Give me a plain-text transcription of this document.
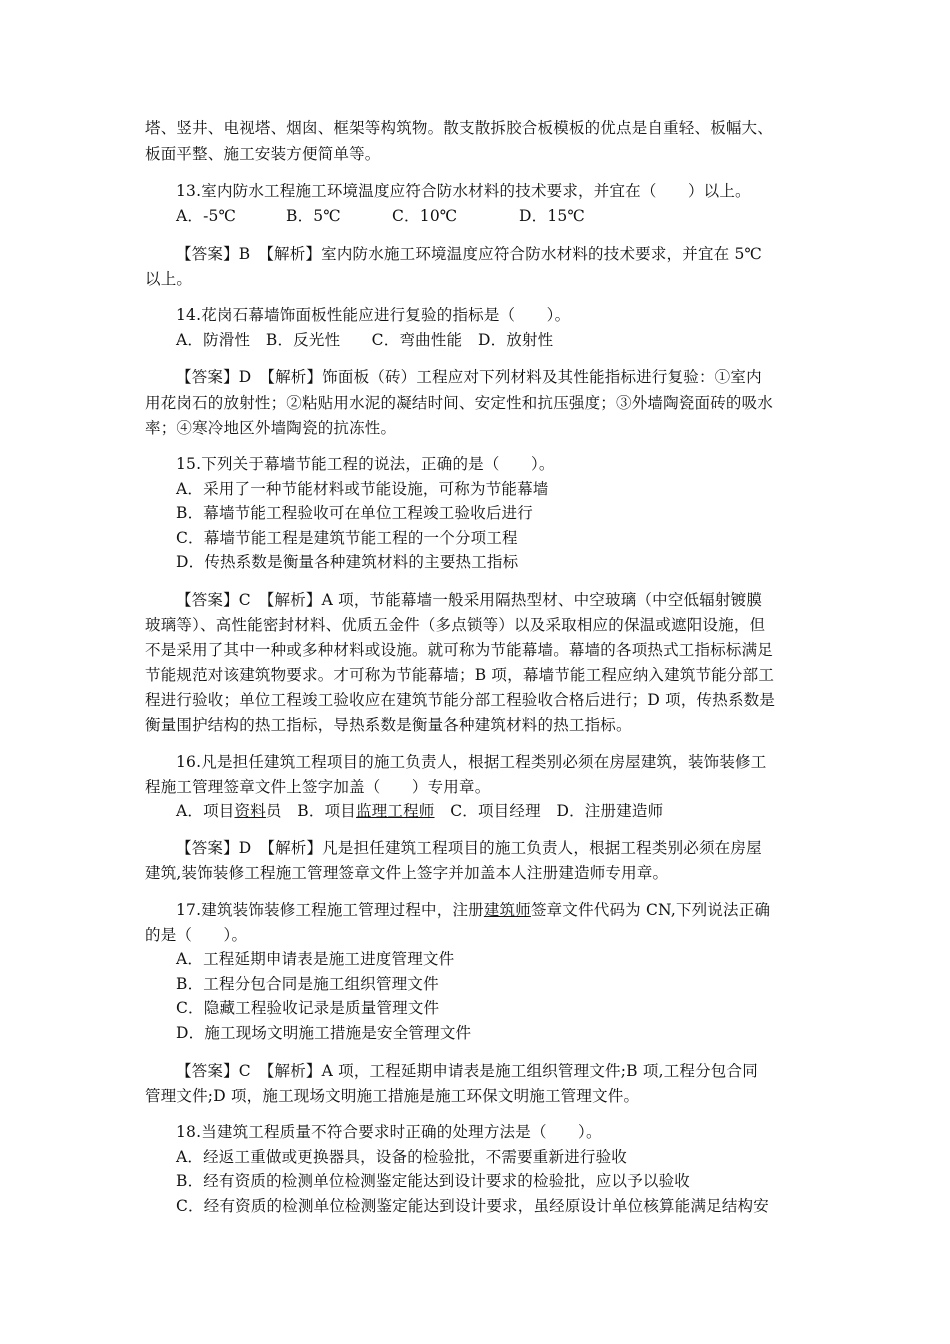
塔、竖井、电视塔、烟囱、框架等构筑物。散支散拆胶合板模板的优点是自重轻、板幅大、
板面平整、施工安装方便简单等。
13.室内防水工程施工环境温度应符合防水材料的技术要求，并宜在（　　）以上。
A．-5℃	B．5℃	C．10℃	D．15℃
【答案】B　【解析】室内防水施工环境温度应符合防水材料的技术要求，并宜在 5℃
以上。
14.花岗石幕墙饰面板性能应进行复验的指标是（　　）。
A．防滑性　B．反光性　　C．弯曲性能　D．放射性
【答案】D　【解析】饰面板（砖）工程应对下列材料及其性能指标进行复验：①室内
用花岗石的放射性；②粘贴用水泥的凝结时间、安定性和抗压强度；③外墙陶瓷面砖的吸水
率；④寒冷地区外墙陶瓷的抗冻性。
15.下列关于幕墙节能工程的说法，正确的是（　　）。
A．采用了一种节能材料或节能设施，可称为节能幕墙
B．幕墙节能工程验收可在单位工程竣工验收后进行
C．幕墙节能工程是建筑节能工程的一个分项工程
D．传热系数是衡量各种建筑材料的主要热工指标
【答案】C　【解析】A 项，节能幕墙一般采用隔热型材、中空玻璃（中空低辐射镀膜
玻璃等）、高性能密封材料、优质五金件（多点锁等）以及采取相应的保温或遮阳设施，但
不是采用了其中一种或多种材料或设施。就可称为节能幕墙。幕墙的各项热式工指标标满足
节能规范对该建筑物要求。才可称为节能幕墙；B 项，幕墙节能工程应纳入建筑节能分部工
程进行验收；单位工程竣工验收应在建筑节能分部工程验收合格后进行；D 项，传热系数是
衡量围护结构的热工指标，导热系数是衡量各种建筑材料的热工指标。
16.凡是担任建筑工程项目的施工负责人，根据工程类别必须在房屋建筑，装饰装修工
程施工管理签章文件上签字加盖（　　）专用章。
A．项目资料员　B．项目监理工程师　C．项目经理　D．注册建造师
【答案】D　【解析】凡是担任建筑工程项目的施工负责人，根据工程类别必须在房屋
建筑,装饰装修工程施工管理签章文件上签字并加盖本人注册建造师专用章。
17.建筑装饰装修工程施工管理过程中，注册建筑师签章文件代码为 CN,下列说法正确
的是（　　）。
A．工程延期申请表是施工进度管理文件
B．工程分包合同是施工组织管理文件
C．隐藏工程验收记录是质量管理文件
D．施工现场文明施工措施是安全管理文件
【答案】C　【解析】A 项，工程延期申请表是施工组织管理文件;B 项,工程分包合同
管理文件;D 项，施工现场文明施工措施是施工环保文明施工管理文件。
18.当建筑工程质量不符合要求时正确的处理方法是（　　）。
A．经返工重做或更换器具，设备的检验批，不需要重新进行验收
B．经有资质的检测单位检测鉴定能达到设计要求的检验批，应以予以验收
C．经有资质的检测单位检测鉴定能达到设计要求，虽经原设计单位核算能满足结构安
